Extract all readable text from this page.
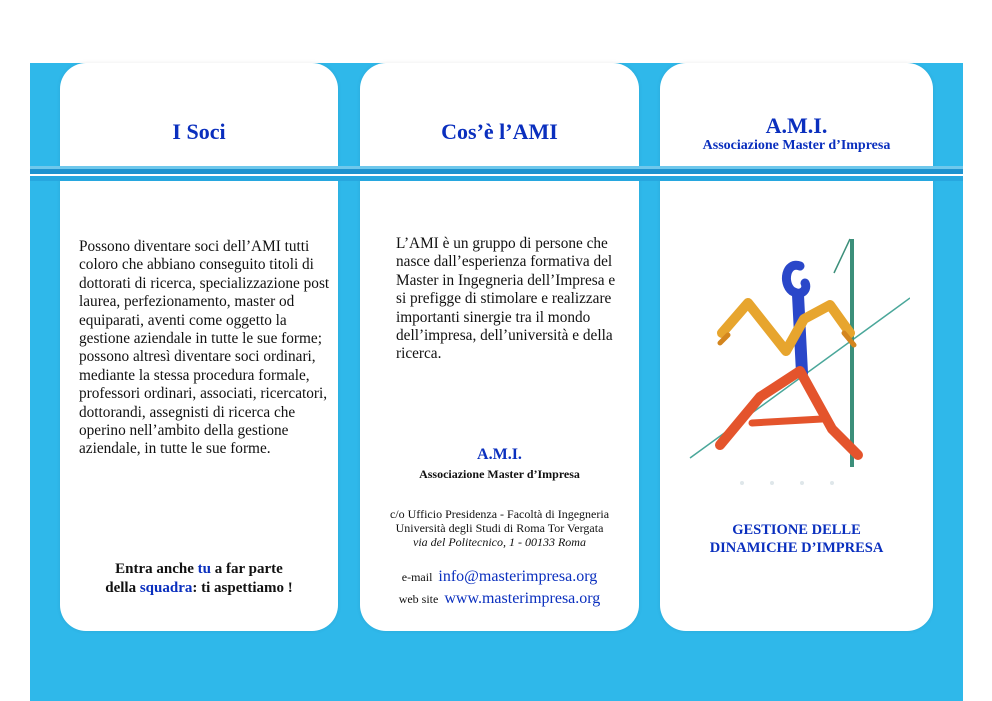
I Soci

Possono diventare soci dell’AMI tutti coloro che abbiano conseguito titoli di dottorati di ricerca, specializzazione post laurea, perfezionamento, master od equiparati, aventi come oggetto la gestione aziendale in tutte le sue forme; possono altresì diventare soci ordinari, mediante la stessa procedura formale, professori ordinari, associati, ricercatori, dottorandi, assegnisti di ricerca che operino nell’ambito della gestione aziendale, in tutte le sue forme.

Entra anche tu a far parte
della squadra: ti aspettiamo !
Cos’è l’AMI

L’AMI è un gruppo di persone che nasce dall’esperienza formativa del Master in Ingegneria dell’Impresa e si prefigge di stimolare e realizzare importanti sinergie tra il mondo dell’impresa, dell’università e della ricerca.

A.M.I.
Associazione Master d’Impresa
c/o Ufficio Presidenza - Facoltà di Ingegneria
Università degli Studi di Roma Tor Vergata
via del Politecnico, 1 - 00133 Roma
e-mail info@masterimpresa.org
web site www.masterimpresa.org
A.M.I.
Associazione Master d’Impresa
GESTIONE DELLE
DINAMICHE D’IMPRESA
